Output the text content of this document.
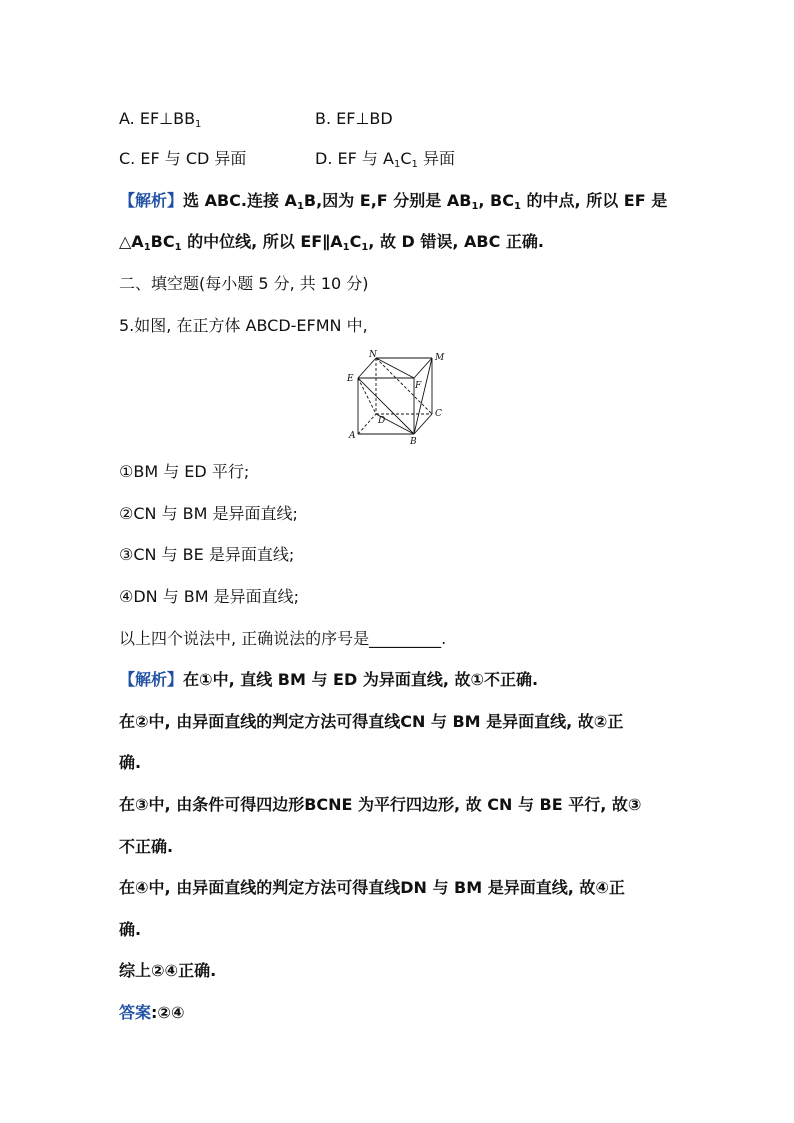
A. $EF\perp BB_1$	B. EF⊥BD
C. EF 与 CD 异面	D. EF 与 $A_1C_1$ 异面
【解析】选 ABC.连接 $A_1B$,因为 E,F 分别是 $AB_1$, $BC_1$ 的中点, 所以 EF 是
$\triangle A_1BC_1$ 的中位线, 所以 $EF\parallel A_1C_1$, 故 D 错误, ABC 正确.
二、填空题(每小题 5 分, 共 10 分)
5.如图, 在正方体 ABCD-EFMN 中,
N	M
E
F
D
C
A
B
①BM 与 ED 平行;
②CN 与 BM 是异面直线;
③CN 与 BE 是异面直线;
④DN 与 BM 是异面直线;
以上四个说法中, 正确说法的序号是_________.
【解析】在①中, 直线 BM 与 ED 为异面直线, 故①不正确.
在②中, 由异面直线的判定方法可得直线CN 与 BM 是异面直线, 故②正
确.
在③中, 由条件可得四边形BCNE 为平行四边形, 故 CN 与 BE 平行, 故③
不正确.
在④中, 由异面直线的判定方法可得直线DN 与 BM 是异面直线, 故④正
确.
综上②④正确.
答案:②④
